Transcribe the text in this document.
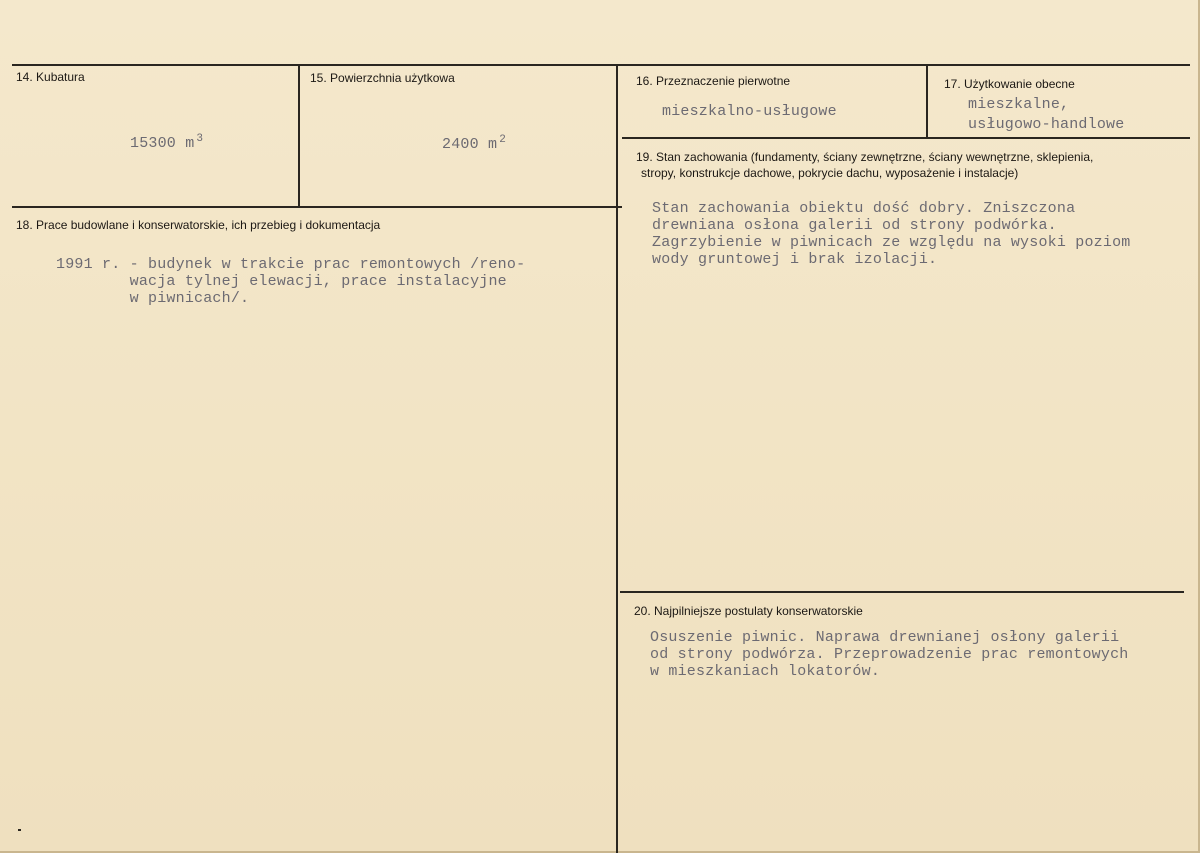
14. Kubatura
15300 m $^3$
15. Powierzchnia użytkowa
2400 m $^2$
16. Przeznaczenie pierwotne
mieszkalno-usługowe
17. Użytkowanie obecne
mieszkalne,
usługowo-handlowe
18. Prace budowlane i konserwatorskie, ich przebieg i dokumentacja
1991 r. - budynek w trakcie prac remontowych /reno-
wacja tylnej elewacji, prace instalacyjne
w piwnicach/.
19. Stan zachowania (fundamenty, ściany zewnętrzne, ściany wewnętrzne, sklepienia,
stropy, konstrukcje dachowe, pokrycie dachu, wyposażenie i instalacje)
Stan zachowania obiektu dość dobry. Zniszczona
drewniana osłona galerii od strony podwórka.
Zagrzybienie w piwnicach ze względu na wysoki poziom
wody gruntowej i brak izolacji.
20. Najpilniejsze postulaty konserwatorskie
Osuszenie piwnic. Naprawa drewnianej osłony galerii
od strony podwórza. Przeprowadzenie prac remontowych
w mieszkaniach lokatorów.
